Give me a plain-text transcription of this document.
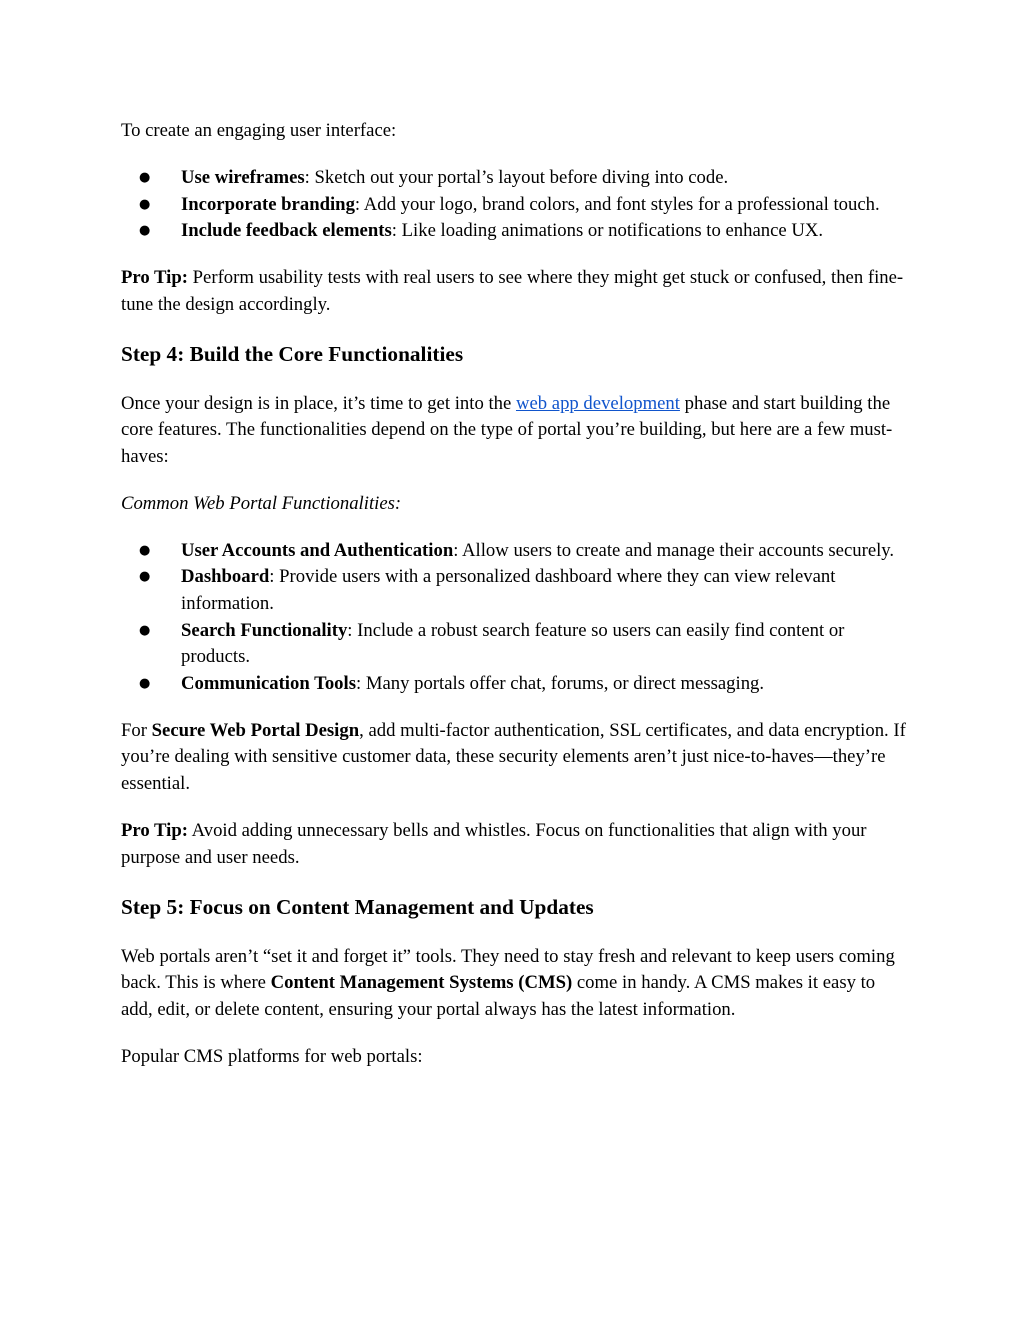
To create an engaging user interface:

● Use wireframes: Sketch out your portal’s layout before diving into code.
● Incorporate branding: Add your logo, brand colors, and font styles for a professional touch.
● Include feedback elements: Like loading animations or notifications to enhance UX.

Pro Tip: Perform usability tests with real users to see where they might get stuck or confused, then fine-tune the design accordingly.

Step 4: Build the Core Functionalities

Once your design is in place, it’s time to get into the web app development phase and start building the core features. The functionalities depend on the type of portal you’re building, but here are a few must-haves:

Common Web Portal Functionalities:

● User Accounts and Authentication: Allow users to create and manage their accounts securely.
● Dashboard: Provide users with a personalized dashboard where they can view relevant information.
● Search Functionality: Include a robust search feature so users can easily find content or products.
● Communication Tools: Many portals offer chat, forums, or direct messaging.

For Secure Web Portal Design, add multi-factor authentication, SSL certificates, and data encryption. If you’re dealing with sensitive customer data, these security elements aren’t just nice-to-haves—they’re essential.

Pro Tip: Avoid adding unnecessary bells and whistles. Focus on functionalities that align with your purpose and user needs.

Step 5: Focus on Content Management and Updates

Web portals aren’t “set it and forget it” tools. They need to stay fresh and relevant to keep users coming back. This is where Content Management Systems (CMS) come in handy. A CMS makes it easy to add, edit, or delete content, ensuring your portal always has the latest information.

Popular CMS platforms for web portals:
